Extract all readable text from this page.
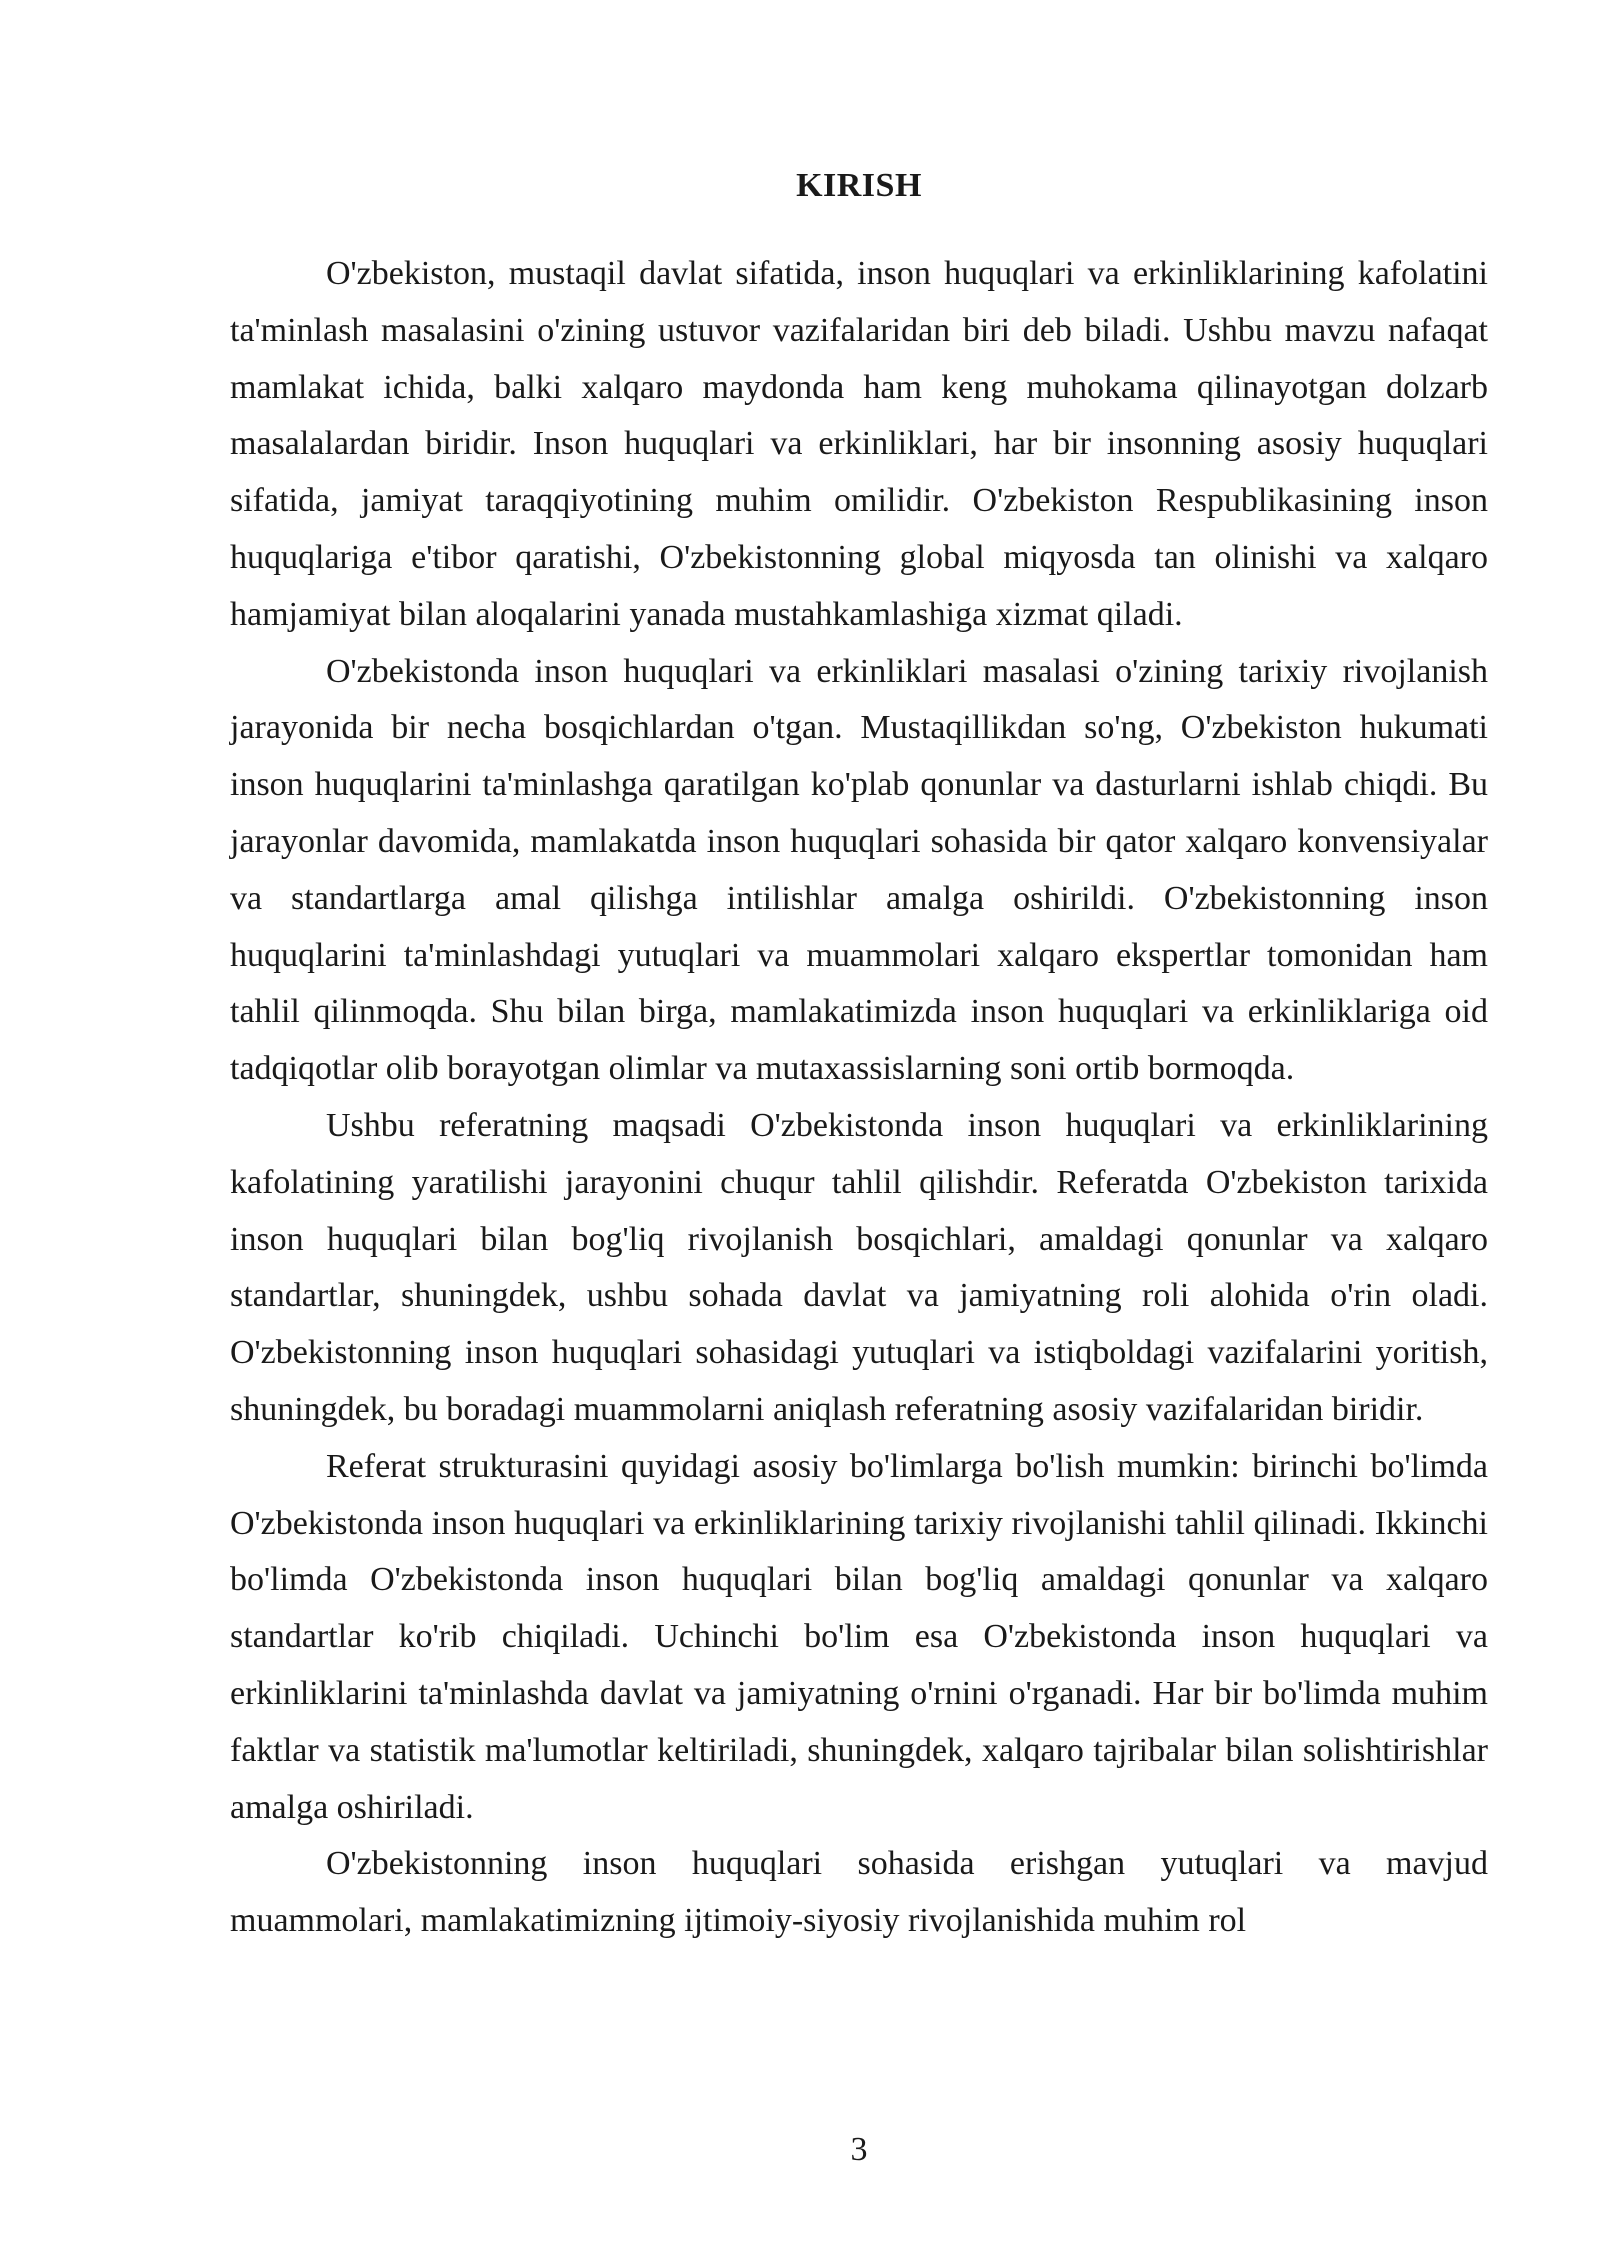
KIRISH

O'zbekiston, mustaqil davlat sifatida, inson huquqlari va erkinliklarining kafolatini ta'minlash masalasini o'zining ustuvor vazifalaridan biri deb biladi. Ushbu mavzu nafaqat mamlakat ichida, balki xalqaro maydonda ham keng muhokama qilinayotgan dolzarb masalalardan biridir. Inson huquqlari va erkinliklari, har bir insonning asosiy huquqlari sifatida, jamiyat taraqqiyotining muhim omilidir. O'zbekiston Respublikasining inson huquqlariga e'tibor qaratishi, O'zbekistonning global miqyosda tan olinishi va xalqaro hamjamiyat bilan aloqalarini yanada mustahkamlashiga xizmat qiladi.

O'zbekistonda inson huquqlari va erkinliklari masalasi o'zining tarixiy rivojlanish jarayonida bir necha bosqichlardan o'tgan. Mustaqillikdan so'ng, O'zbekiston hukumati inson huquqlarini ta'minlashga qaratilgan ko'plab qonunlar va dasturlarni ishlab chiqdi. Bu jarayonlar davomida, mamlakatda inson huquqlari sohasida bir qator xalqaro konvensiyalar va standartlarga amal qilishga intilishlar amalga oshirildi. O'zbekistonning inson huquqlarini ta'minlashdagi yutuqlari va muammolari xalqaro ekspertlar tomonidan ham tahlil qilinmoqda. Shu bilan birga, mamlakatimizda inson huquqlari va erkinliklariga oid tadqiqotlar olib borayotgan olimlar va mutaxassislarning soni ortib bormoqda.

Ushbu referatning maqsadi O'zbekistonda inson huquqlari va erkinliklarining kafolatining yaratilishi jarayonini chuqur tahlil qilishdir. Referatda O'zbekiston tarixida inson huquqlari bilan bog'liq rivojlanish bosqichlari, amaldagi qonunlar va xalqaro standartlar, shuningdek, ushbu sohada davlat va jamiyatning roli alohida o'rin oladi. O'zbekistonning inson huquqlari sohasidagi yutuqlari va istiqboldagi vazifalarini yoritish, shuningdek, bu boradagi muammolarni aniqlash referatning asosiy vazifalaridan biridir.

Referat strukturasini quyidagi asosiy bo'limlarga bo'lish mumkin: birinchi bo'limda O'zbekistonda inson huquqlari va erkinliklarining tarixiy rivojlanishi tahlil qilinadi. Ikkinchi bo'limda O'zbekistonda inson huquqlari bilan bog'liq amaldagi qonunlar va xalqaro standartlar ko'rib chiqiladi. Uchinchi bo'lim esa O'zbekistonda inson huquqlari va erkinliklarini ta'minlashda davlat va jamiyatning o'rnini o'rganadi. Har bir bo'limda muhim faktlar va statistik ma'lumotlar keltiriladi, shuningdek, xalqaro tajribalar bilan solishtirishlar amalga oshiriladi.

O'zbekistonning inson huquqlari sohasida erishgan yutuqlari va mavjud muammolari, mamlakatimizning ijtimoiy-siyosiy rivojlanishida muhim rol

3
